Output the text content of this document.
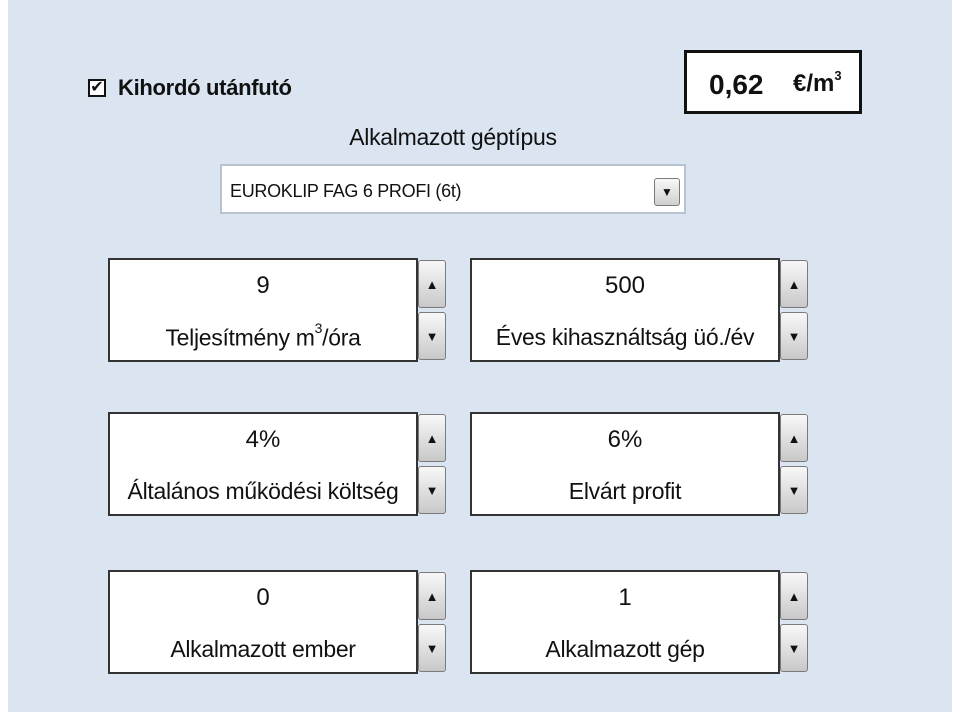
✔ Kihordó utánfutó	0,62 $€/m^3$
Alkalmazott géptípus
EUROKLIP FAG 6 PROFI (6t)	▼
9
Teljesítmény $m^3$/óra
▲
▼
500
Éves kihasználtság üó./év
▲
▼
4%
Általános működési költség
▲
▼
6%
Elvárt profit
▲
▼
0
Alkalmazott ember
▲
▼
1
Alkalmazott gép
▲
▼
